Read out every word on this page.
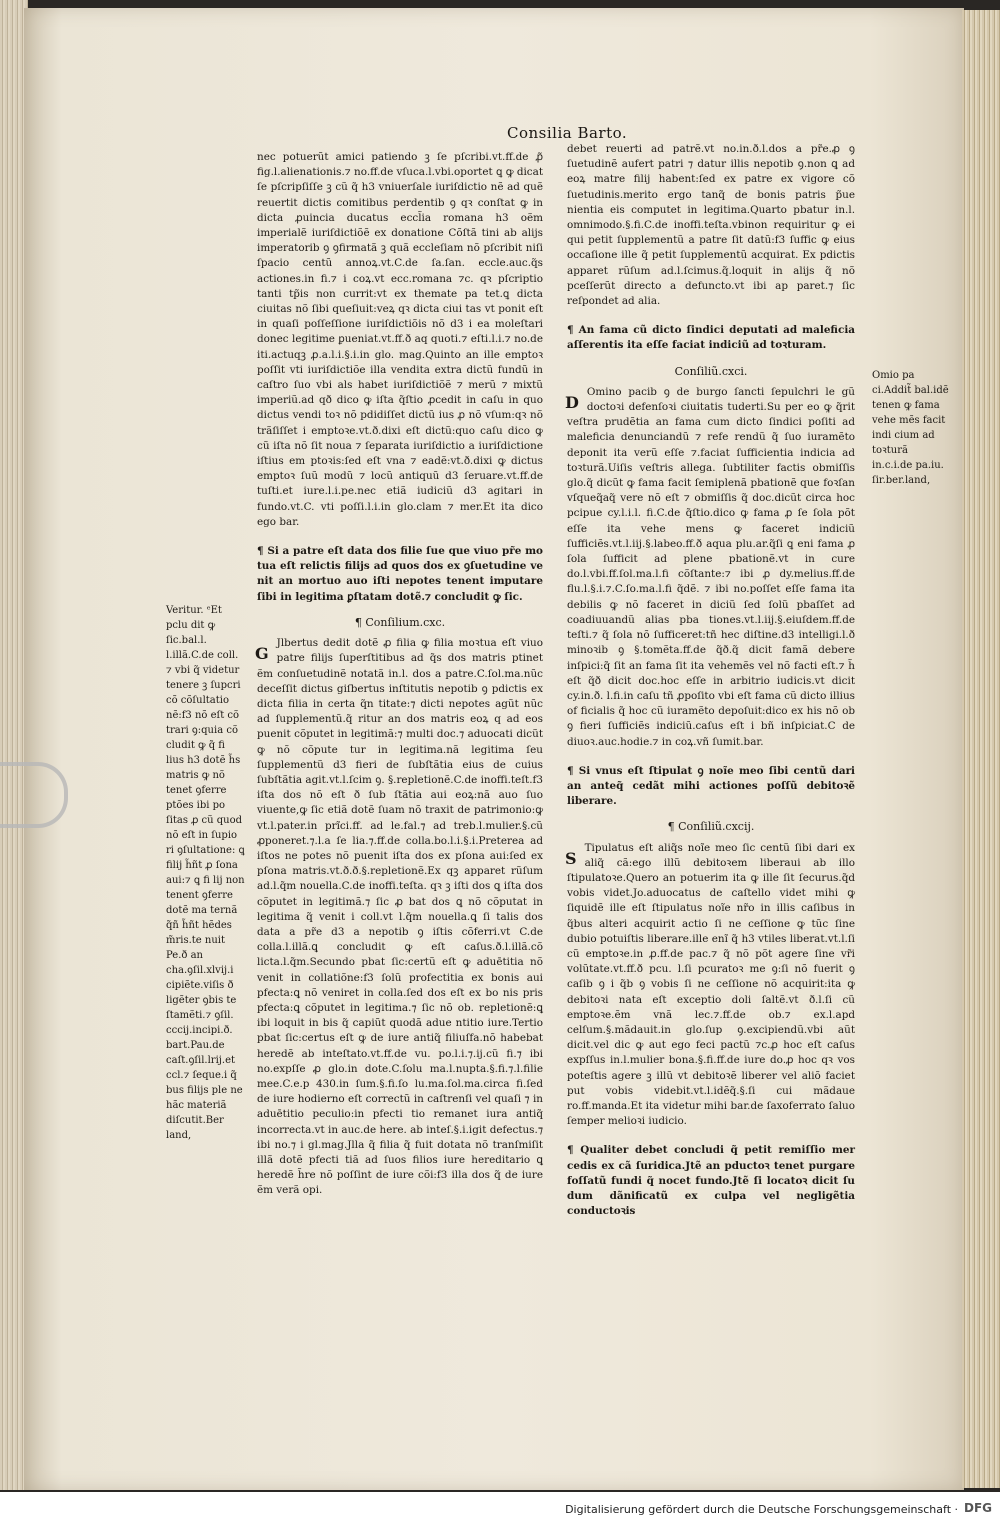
Consilia Barto.

nec potuerũt amici patiendo ꝫ ſe pſcribi.vt.ff.de ꝓ̃ fig.l.alienationis.⁊ no.ff.de vſuca.l.vbi.oportet ꝗ ꝙ dicat ſe pſcripſiſſe ꝫ cũ q̃ h3 vniuerſale iuriſdictio nẽ ad quẽ reuertit dictis comitibus perdentib ꝯ qꝛ conſtat ꝙ in dicta ꝓuincia ducatus eccl̃ia romana h3 oẽm imperialẽ iuriſdictiõẽ ex donatione Cõſtã tini ab alijs imperatorib ꝯ ꝯfirmatã ꝫ quã eccleſiam nõ pſcribit niſi ſpacio centũ annoꝝ.vt.C.de ſa.ſan. eccle.auc.q̃s actiones.in fi.⁊ i coꝝ.vt ecc.romana ⁊c. qꝛ pſcriptio tanti tp̃is non currit:vt ex themate pa tet.ꝗ dicta ciuitas nõ ſibi queſiuit:veꝝ qꝛ dicta ciui tas vt ponit eſt in quaſi poſſeſſione iuriſdictiõis nõ d3 i ea moleſtari donec legitime ꝑueniat.vt.ff.ð aq quoti.⁊ eſti.l.i.⁊ no.de iti.actuqꝫ ꝓ.a.l.i.§.i.in glo. mag.Quinto an ille emptoꝛ poſſit vti iuriſdictiõe illa vendita extra dictũ fundũ in caſtro ſuo vbi als habet iuriſdictiõẽ ⁊ merũ ⁊ mixtũ imperiũ.ad qð dico ꝙ iſta q̃ſtio ꝓcedit in caſu in quo dictus vendi toꝛ nõ pdidiſſet dictũ ius ꝓ nõ vſum:qꝛ nõ trãſiſſet i emptoꝛe.vt.ð.dixi eſt dictũ:quo caſu dico ꝙ cũ iſta nõ ſit noua ⁊ ſeparata iuriſdictio a iuriſdictione iſtius em ptoꝛis:ſed eſt vna ⁊ eadẽ:vt.ð.dixi ꝙ dictus emptoꝛ ſuũ modũ ⁊ locũ antiquũ d3 ſeruare.vt.ff.de tuſti.et iure.l.i.pe.nec etiã iudiciũ d3 agitari in fundo.vt.C. vti poſſi.l.i.in glo.clam ⁊ mer.Et ita dico ego bar.

¶ Si a patre eſt data dos filie ſue que viuo pr̃e mo tua eſt relictis filijs ad quos dos ex ꝯſuetudine ve nit an mortuo auo iſti nepotes tenent imputare ſibi in legitima ꝑſtatam dotẽ.⁊ concludit ꝙ ſic.

¶ Conſilium.cxc.

G
Jlbertus dedit dotẽ ꝓ filia ꝙ filia moꝛtua eſt viuo patre filijs ſuperſtitibus ad q̃s dos matris ptinet ẽm conſuetudinẽ notatã in.l. dos a patre.C.ſol.ma.nũc deceſſit dictus giſbertus inſtitutis nepotib ꝯ pdictis ex dicta filia in certa q̃n titate:⁊ dicti nepotes agũt nũc ad ſupplementũ.q̃ ritur an dos matris eoꝝ q ad eos puenit cõputet in legitimã:⁊ multi doc.⁊ aduocati dicũt ꝙ nõ cõpute tur in legitima.nã legitima ſeu ſupplementũ d3 fieri de ſubſtãtia eius de cuius ſubſtãtia agit.vt.l.ſcim ꝯ. §.repletionẽ.C.de inoffi.teſt.f3 iſta dos nõ eſt ð ſub ſtãtia aui eoꝝ:nã auo ſuo viuente,ꝙ ſic etiã dotẽ ſuam nõ traxit de patrimonio:ꝙ vt.l.pater.in prĩci.ff. ad le.fal.⁊ ad treb.l.mulier.§.cũ ꝓponeret.⁊.l.a ſe lia.⁊.ff.de colla.bo.l.i.§.i.Preterea ad iſtos ne potes nõ puenit iſta dos ex pſona aui:ſed ex pſona matris.vt.ð.ð.§.repletionẽ.Ex qꝫ apparet rũſum ad.l.q̃m nouella.C.de inoffi.teſta. qꝛ ꝫ iſti dos ꝗ iſta dos cõputet in legitimã.⁊ ſic ꝓ bat dos ꝗ nõ cõputat in legitima q̃ venit i coll.vt l.q̃m nouella.ꝗ ſi talis dos data a pr̃e d3 a nepotib ꝯ iſtis cõferri.vt C.de colla.l.illã.ꝗ concludit ꝙ eſt caſus.ð.l.illã.cõ licta.l.q̃m.Secundo pbat ſic:certũ eſt ꝙ aduētitia nõ venit in collatiõne:f3 ſolũ profectitia ex bonis aui pfecta:ꝗ nõ veniret in colla.ſed dos eſt ex bo nis pris pfecta:ꝗ cõputet in legitima.⁊ ſic nõ ob. repletionẽ:ꝗ ibi loquit in bis q̃ capiũt quodã adue ntitio iure.Tertio pbat ſic:certus eſt ꝙ de iure antiq̃ filiuſfa.nõ habebat heredẽ ab inteſtato.vt.ff.de vu. po.l.i.⁊.ij.cũ fi.⁊ ibi no.expſſe ꝓ glo.in dote.C.ſolu ma.l.nupta.§.fi.⁊.l.filie mee.C.e.p 430.in ſum.§.fi.ſo lu.ma.ſol.ma.circa fi.ſed de iure hodierno eſt correctũ in caſtrenſi vel quaſi ⁊ in aduētitio peculio:in pfecti tio remanet iura antiq̃ incorrecta.vt in auc.de here. ab inteſ.§.i.igit defectus.⁊ ibi no.⁊ i gl.mag.Jlla q̃ filia q̃ fuit dotata nõ tranſmiſit illã dotẽ pfecti tiã ad ſuos filios iure hereditario ꝗ heredẽ h̃re nõ poſſint de iure cõi:f3 illa dos q̃ de iure ẽm verã opi.

debet reuerti ad patrẽ.vt no.in.ð.l.dos a pr̃e.ꝓ ꝯ ſuetudinẽ aufert patri ⁊ datur illis nepotib ꝯ.non ꝗ ad eoꝝ matre filij habent:ſed ex patre ex vigore cõ ſuetudinis.merito ergo tanq̃ de bonis patris p̃ue nientia eis computet in legitima.Quarto pbatur in.l. omnimodo.§.fi.C.de inoffi.teſta.vbinon requiritur ꝙ ei qui petit ſupplementũ a patre ſit datũ:f3 ſuffic ꝙ eius occaſione ille q̃ petit ſupplementũ acquirat. Ex pdictis apparet rũſum ad.l.ſcimus.q̃.loquit in alijs q̃ nõ pceſſerũt directo a defuncto.vt ibi ap paret.⁊ ſic reſpondet ad alia.

¶ An fama cũ dicto ſindici deputati ad maleficia aſſerentis ita eſſe faciat indiciũ ad toꝛturam.

Conſiliũ.cxci.

D
Omino pacib ꝯ de burgo ſancti ſepulchri le gũ doctoꝛi defenſoꝛi ciuitatis tuderti.Su per eo ꝙ q̃rit veſtra prudẽtia an fama cum dicto ſindici poſiti ad maleficia denunciandũ ⁊ refe rendũ q̃ ſuo iuramẽto deponit ita verũ eſſe ⁊.faciat ſufficientia indicia ad toꝛturã.Uiſis veſtris allega. ſubtiliter factis obmiſſis glo.q̃ dicũt ꝙ fama facit ſemiplenã pbationẽ que foꝛſan vſqueq̃aq̃ vere nõ eſt ⁊ obmiſſis q̃ doc.dicũt circa hoc pcipue cy.l.i.l. fi.C.de q̃ſtio.dico ꝙ fama ꝓ ſe ſola põt eſſe ita vehe mens ꝙ faceret indiciũ ſufficiẽs.vt.l.iij.§.labeo.ff.ð aqua plu.ar.q̃ſi ꝗ eni fama ꝓ ſola ſufficit ad plene pbationẽ.vt in cure do.l.vbi.ff.ſol.ma.l.fi cõſtante:⁊ ibi ꝓ dy.melius.ff.de flu.l.§.i.⁊.C.ſo.ma.l.fi q̃dẽ. ⁊ ibi no.poſſet eſſe fama ita debilis ꝙ nõ faceret in diciũ ſed ſolũ pbaſſet ad coadiuuandũ alias pba tiones.vt.l.iij.§.eiuſdem.ff.de teſti.⁊ q̃ ſola nõ ſufficeret:tñ hec diſtine.d3 intelligi.l.ð minoꝛib ꝯ §.tomẽta.ff.de q̃ð.q̃ dicit famã debere inſpici:q̃ ſit an fama ſit ita vehemẽs vel nõ facti eſt.⁊ h̃ eſt q̃ð dicit doc.hoc eſſe in arbitrio iudicis.vt dicit cy.in.ð. l.fi.in caſu tñ ꝓpoſito vbi eſt fama cũ dicto illius of ficialis q̃ hoc cũ iuramẽto depoſuit:dico ex his nõ ob ꝯ fieri ſufficiẽs indiciũ.caſus eſt i bñ inſpiciat.C de diuoꝛ.auc.hodie.⁊ in coꝝ.vñ ſumit.bar.

¶ Si vnus eſt ſtipulat ꝯ noĩe meo ſibi centũ dari an anteq̃ cedãt mihi actiones poſſũ debitoꝛẽ liberare.

¶ Conſiliũ.cxcij.

S
Tipulatus eſt aliq̃s noĩe meo ſic centũ ſibi dari ex aliq̃ cã:ego illũ debitoꝛem liberaui ab illo ſtipulatoꝛe.Quero an potuerim ita ꝙ ille ſit ſecurus.q̃d vobis videt.Jo.aduocatus de caſtello videt mihi ꝙ ſiquidẽ ille eſt ſtipulatus noĩe nr̃o in illis caſibus in q̃bus alteri acquirit actio ſi ne ceſſione ꝙ tũc ſine dubio potuiſtis liberare.ille enĩ q̃ h3 vtiles liberat.vt.l.ſi cũ emptoꝛe.in ꝓ.ff.de pac.⁊ q̃ nõ põt agere ſine vr̃i volũtate.vt.ff.ð pcu. l.ſi pcuratoꝛ me ꝯ:ſi nõ fuerit ꝯ caſib ꝯ i q̃b ꝯ vobis ſi ne ceſſione nõ acquirit:ita ꝙ debitoꝛi nata eſt exceptio doli ſaltẽ.vt ð.l.ſi cũ emptoꝛe.ẽm vnã lec.⁊.ff.de ob.⁊ ex.l.apd celſum.§.mãdauit.in glo.ſup ꝯ.excipiendũ.vbi aũt dicit.vel dic ꝙ aut ego feci pactũ ⁊c.ꝓ hoc eſt caſus expſſus in.l.mulier bona.§.fi.ff.de iure do.ꝓ hoc qꝛ vos poteſtis agere ꝫ illũ vt debitoꝛẽ liberer vel aliõ faciet put vobis videbit.vt.l.idẽq̃.§.ſi cui mãdaue ro.ff.manda.Et ita videtur mihi bar.de ſaxoferrato ſaluo ſemper melioꝛi iudicio.

¶ Qualiter debet concludi q̃ petit remiſſio mer cedis ex cã ſuridica.Jtẽ an pductoꝛ tenet purgare foſſatũ fundi q̃ nocet fundo.Jtẽ ſi locatoꝛ dicit ſu dum dãnificatũ ex culpa vel negligẽtia conductoꝛis

Veritur. ᵉEt pclu dit ꝙ ſic.bal.l. l.illã.C.de coll. ⁊ vbi q̃ videtur tenere ꝫ ſupcri cõ cõſultatio nẽ:f3 nõ eſt cõ trari ꝯ:quia cõ cludit ꝙ q̃ fi lius h3 dotẽ h̃s matris ꝙ nõ tenet ꝯferre ptões ibi po ſitas ꝓ cũ quod nõ eſt in ſupio ri ꝯſultatione: ꝗ filij h̃ñt ꝓ ſona aui:⁊ ꝗ fi lij non tenent ꝯferre dotẽ ma ternã q̃ñ h̃ñt hẽdes m̃ris.te nuit Pe.ð an cha.ꝯſil.xlvij.i cipiẽte.viſis ð ligẽter ꝯbis te ſtamẽti.⁊ ꝯſil. cccij.incipi.ð. bart.Pau.de caſt.ꝯſil.lrij.et ccl.⁊ ſeque.i q̃ bus filijs ple ne hãc materiã diſcutit.Ber land,
Omio pa ci.Addit̃ bal.idẽ tenen ꝙ fama vehe mẽs facit indi cium ad toꝛturã in.c.i.de pa.iu. ſir.ber.land,
Digitalisierung gefördert durch die Deutsche Forschungsgemeinschaft · DFG
